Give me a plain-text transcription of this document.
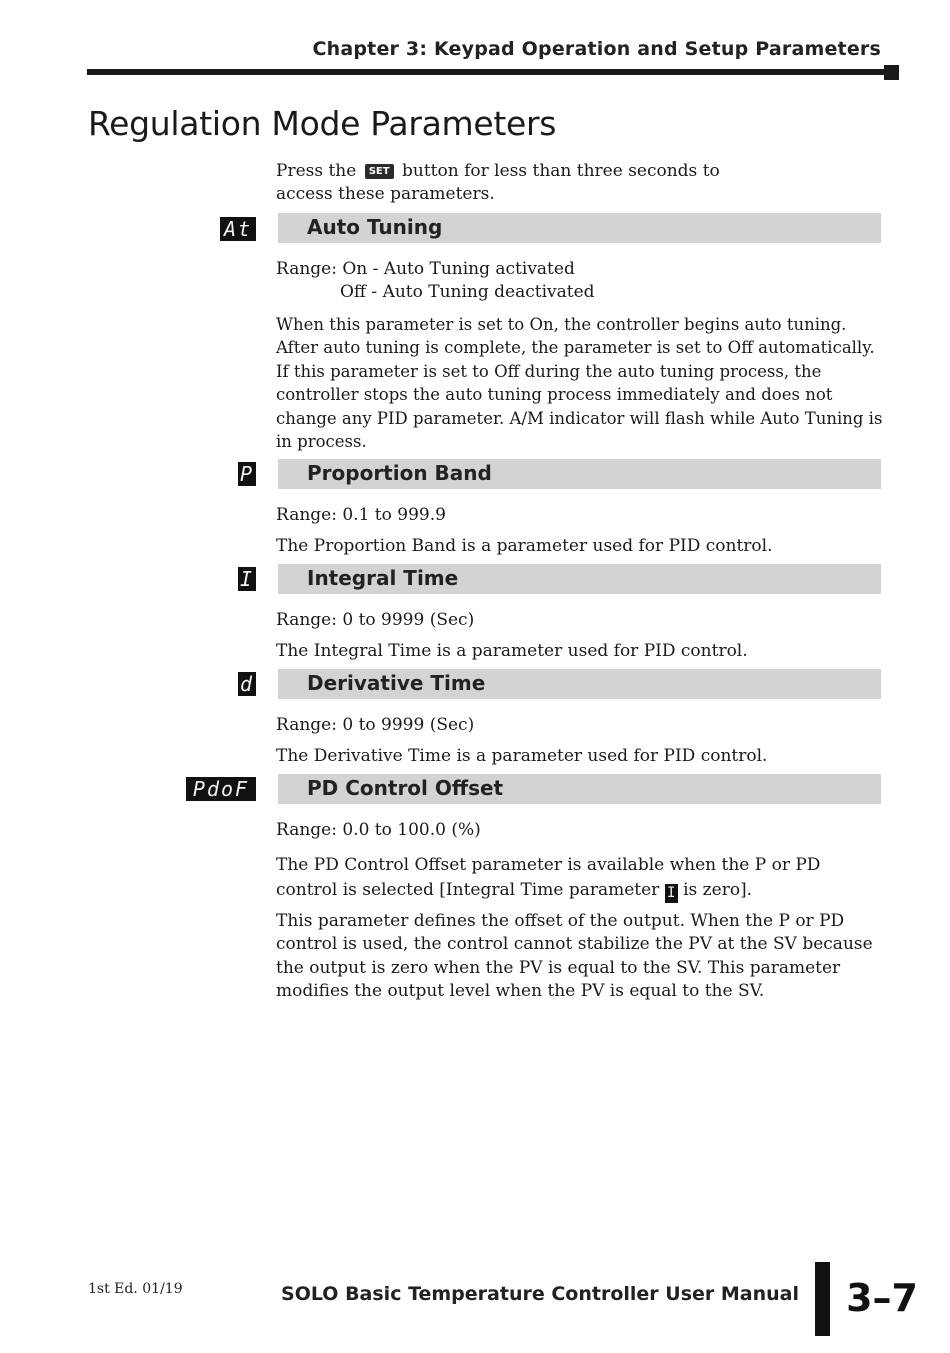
Chapter 3: Keypad Operation and Setup Parameters
Regulation Mode Parameters

Press the SET button for less than three seconds to access these parameters.

At	Auto Tuning

Range: On - Auto Tuning activated
Off - Auto Tuning deactivated

When this parameter is set to On, the controller begins auto tuning. After auto tuning is complete, the parameter is set to Off automatically. If this parameter is set to Off during the auto tuning process, the controller stops the auto tuning process immediately and does not change any PID parameter. A/M indicator will flash while Auto Tuning is in process.

P	Proportion Band

Range: 0.1 to 999.9

The Proportion Band is a parameter used for PID control.

I	Integral Time

Range: 0 to 9999 (Sec)

The Integral Time is a parameter used for PID control.

d	Derivative Time

Range: 0 to 9999 (Sec)

The Derivative Time is a parameter used for PID control.

PdoF	PD Control Offset

Range: 0.0 to 100.0 (%)

The PD Control Offset parameter is available when the P or PD control is selected [Integral Time parameter I is zero].

This parameter defines the offset of the output. When the P or PD control is used, the control cannot stabilize the PV at the SV because the output is zero when the PV is equal to the SV. This parameter modifies the output level when the PV is equal to the SV.

1st Ed. 01/19	SOLO Basic Temperature Controller User Manual 3–7
